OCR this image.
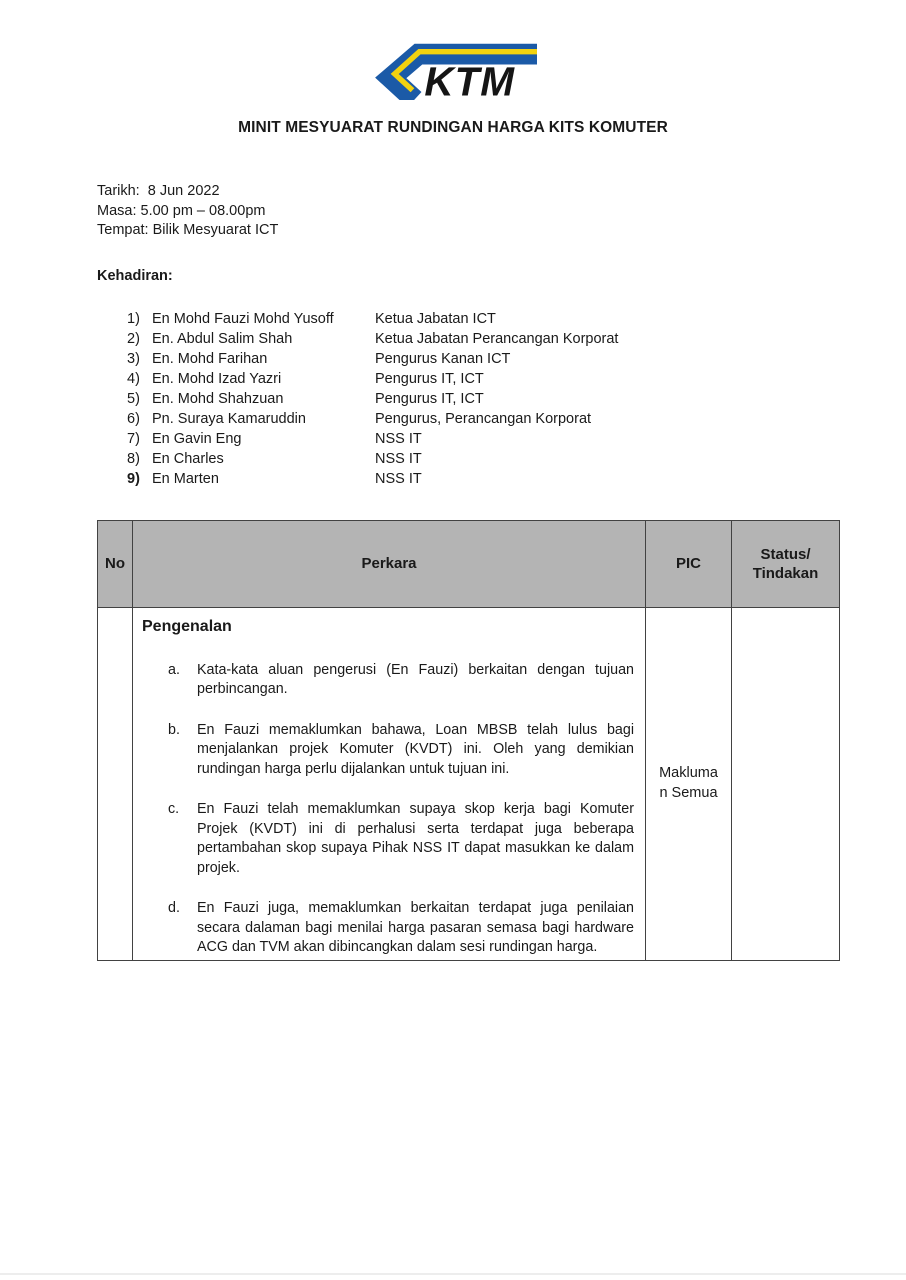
KTM
MINIT MESYUARAT RUNDINGAN HARGA KITS KOMUTER
Tarikh:  8 Jun 2022
Masa: 5.00 pm – 08.00pm
Tempat: Bilik Mesyuarat ICT
Kehadiran:
1) En Mohd Fauzi Mohd Yusoff	Ketua Jabatan ICT
2) En. Abdul Salim Shah	Ketua Jabatan Perancangan Korporat
3) En. Mohd Farihan	Pengurus Kanan ICT
4) En. Mohd Izad Yazri	Pengurus IT, ICT
5) En. Mohd Shahzuan	Pengurus IT, ICT
6) Pn. Suraya Kamaruddin	Pengurus, Perancangan Korporat
7) En Gavin Eng	NSS IT
8) En Charles	NSS IT
9) En Marten	NSS IT
No	Perkara	PIC	Status/
Tindakan

Pengenalan
a.	Kata-kata aluan pengerusi (En Fauzi) berkaitan dengan tujuan perbincangan.
b.	En Fauzi memaklumkan bahawa, Loan MBSB telah lulus bagi menjalankan projek Komuter (KVDT) ini. Oleh yang demikian rundingan harga perlu dijalankan untuk tujuan ini.
c.	En Fauzi telah memaklumkan supaya skop kerja bagi Komuter Projek (KVDT) ini di perhalusi serta terdapat juga beberapa pertambahan skop supaya Pihak NSS IT dapat masukkan ke dalam projek.
d.	En Fauzi juga, memaklumkan berkaitan terdapat juga penilaian secara dalaman bagi menilai harga pasaran semasa bagi hardware ACG dan TVM akan dibincangkan dalam sesi rundingan harga.

Makluma
n Semua
